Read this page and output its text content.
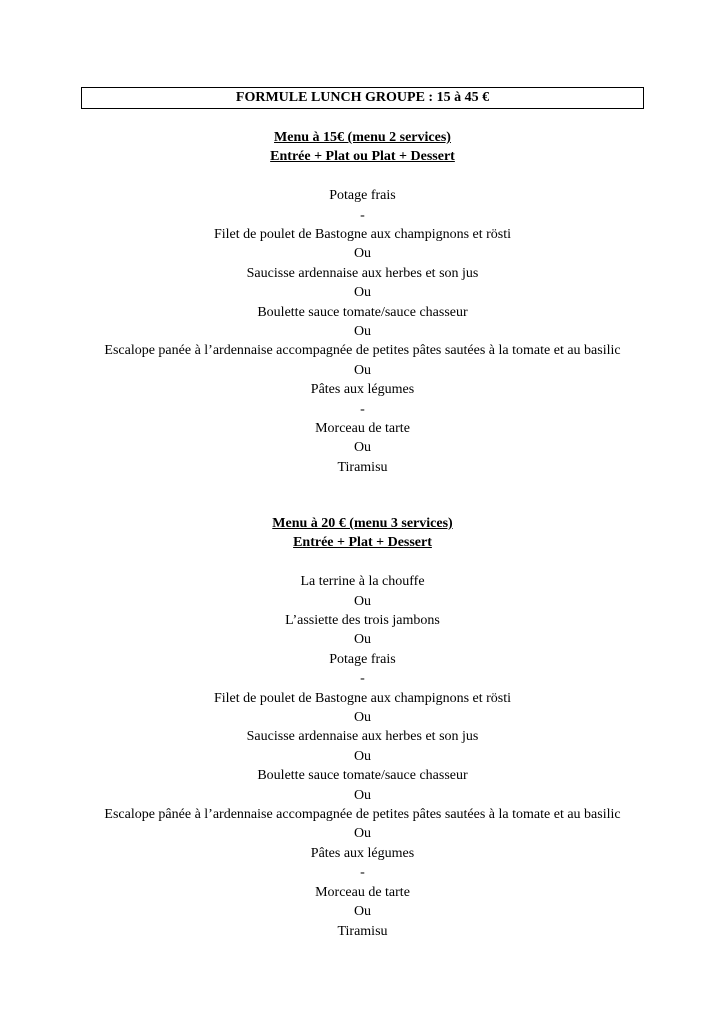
FORMULE LUNCH GROUPE : 15 à 45 €

Menu à 15€ (menu 2 services)

Entrée + Plat ou Plat + Dessert

Potage frais

-

Filet de poulet de Bastogne aux champignons et rösti

Ou

Saucisse ardennaise aux herbes et son jus

Ou

Boulette sauce tomate/sauce chasseur

Ou

Escalope panée à l’ardennaise accompagnée de petites pâtes sautées à la tomate et au basilic

Ou

Pâtes aux légumes

-

Morceau de tarte

Ou

Tiramisu

Menu à 20 € (menu 3 services)

Entrée + Plat + Dessert

La terrine à la chouffe

Ou

L’assiette des trois jambons

Ou

Potage frais

-

Filet de poulet de Bastogne aux champignons et rösti

Ou

Saucisse ardennaise aux herbes et son jus

Ou

Boulette sauce tomate/sauce chasseur

Ou

Escalope pânée à l’ardennaise accompagnée de petites pâtes sautées à la tomate et au basilic

Ou

Pâtes aux légumes

-

Morceau de tarte

Ou

Tiramisu
